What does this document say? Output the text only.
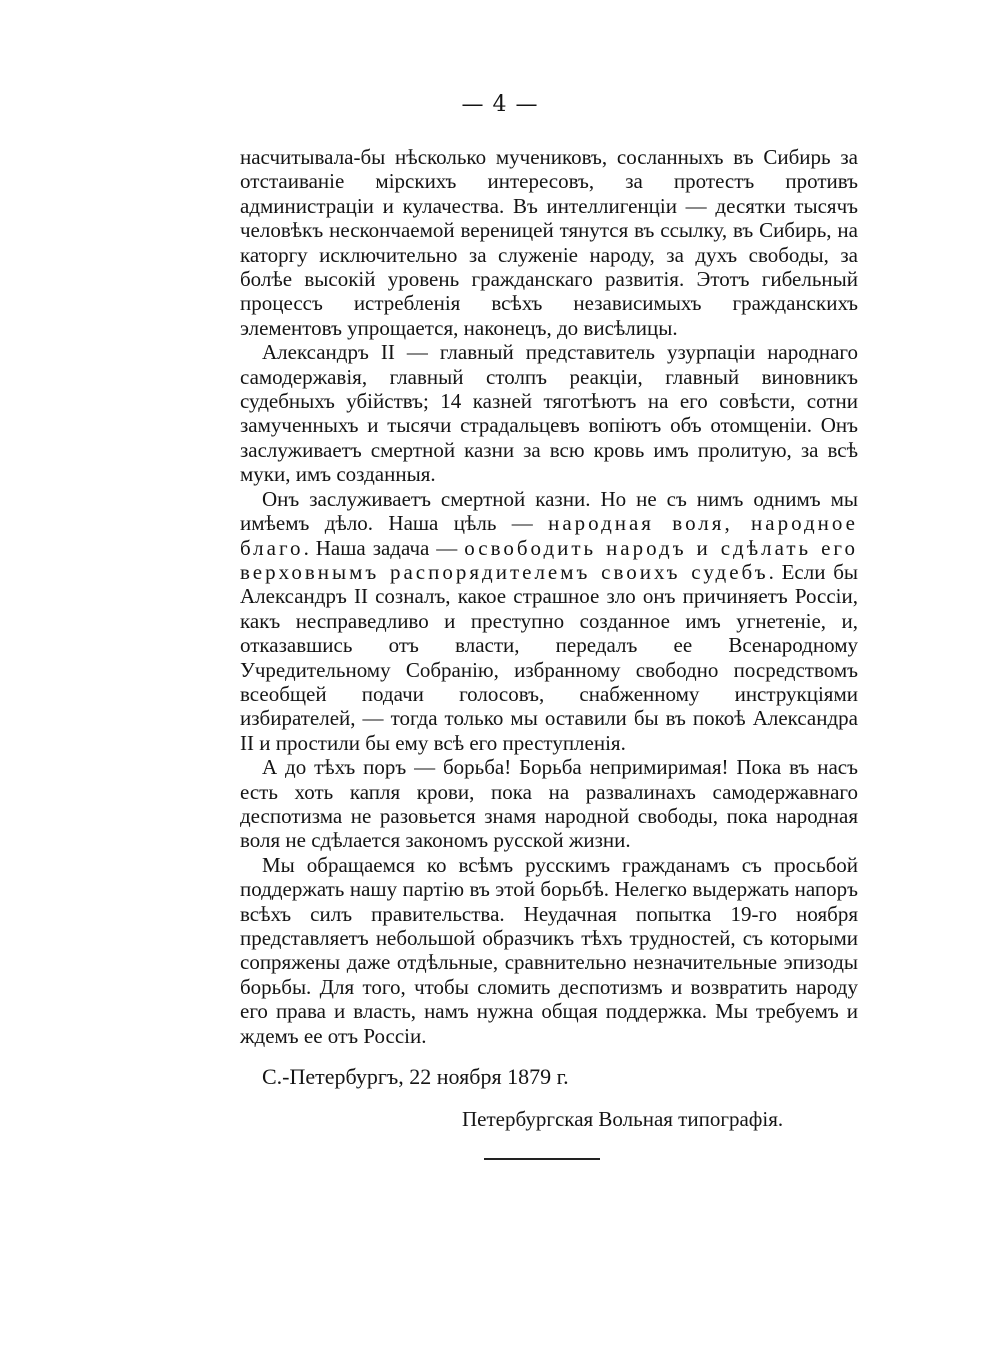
— 4 —

насчитывала-бы нѣсколько мучениковъ, сосланныхъ въ Сибирь за отстаиваніе мірскихъ интересовъ, за протестъ противъ администраціи и кулачества. Въ интеллигенціи — десятки тысячъ человѣкъ нескончаемой вереницей тянутся въ ссылку, въ Сибирь, на каторгу исключительно за служеніе народу, за духъ свободы, за болѣе высокій уровень гражданскаго развитія. Этотъ гибельный процессъ истребленія всѣхъ независимыхъ гражданскихъ элементовъ упрощается, наконецъ, до висѣлицы.

Александръ II — главный представитель узурпаціи народнаго самодержавія, главный столпъ реакціи, главный виновникъ судебныхъ убійствъ; 14 казней тяготѣютъ на его совѣсти, сотни замученныхъ и тысячи страдальцевъ вопіютъ объ отомщеніи. Онъ заслуживаетъ смертной казни за всю кровь имъ пролитую, за всѣ муки, имъ созданныя.

Онъ заслуживаетъ смертной казни. Но не съ нимъ однимъ мы имѣемъ дѣло. Наша цѣль — народная воля, народное благо. Наша задача — освободить народъ и сдѣлать его верховнымъ распорядителемъ своихъ судебъ. Если бы Александръ II созналъ, какое страшное зло онъ причиняетъ Россіи, какъ несправедливо и преступно созданное имъ угнетеніе, и, отказавшись отъ власти, передалъ ее Всенародному Учредительному Собранію, избранному свободно посредствомъ всеобщей подачи голосовъ, снабженному инструкціями избирателей, — тогда только мы оставили бы въ покоѣ Александра II и простили бы ему всѣ его преступленія.

А до тѣхъ поръ — борьба! Борьба непримиримая! Пока въ насъ есть хоть капля крови, пока на развалинахъ самодержавнаго деспотизма не разовьется знамя народной свободы, пока народная воля не сдѣлается закономъ русской жизни.

Мы обращаемся ко всѣмъ русскимъ гражданамъ съ просьбой поддержать нашу партію въ этой борьбѣ. Нелегко выдержать напоръ всѣхъ силъ правительства. Неудачная попытка 19-го ноября представляетъ небольшой образчикъ тѣхъ трудностей, съ которыми сопряжены даже отдѣльные, сравнительно незначительные эпизоды борьбы. Для того, чтобы сломить деспотизмъ и возвратить народу его права и власть, намъ нужна общая поддержка. Мы требуемъ и ждемъ ее отъ Россіи.

С.-Петербургъ, 22 ноября 1879 г.
Петербургская Вольная типографія.
